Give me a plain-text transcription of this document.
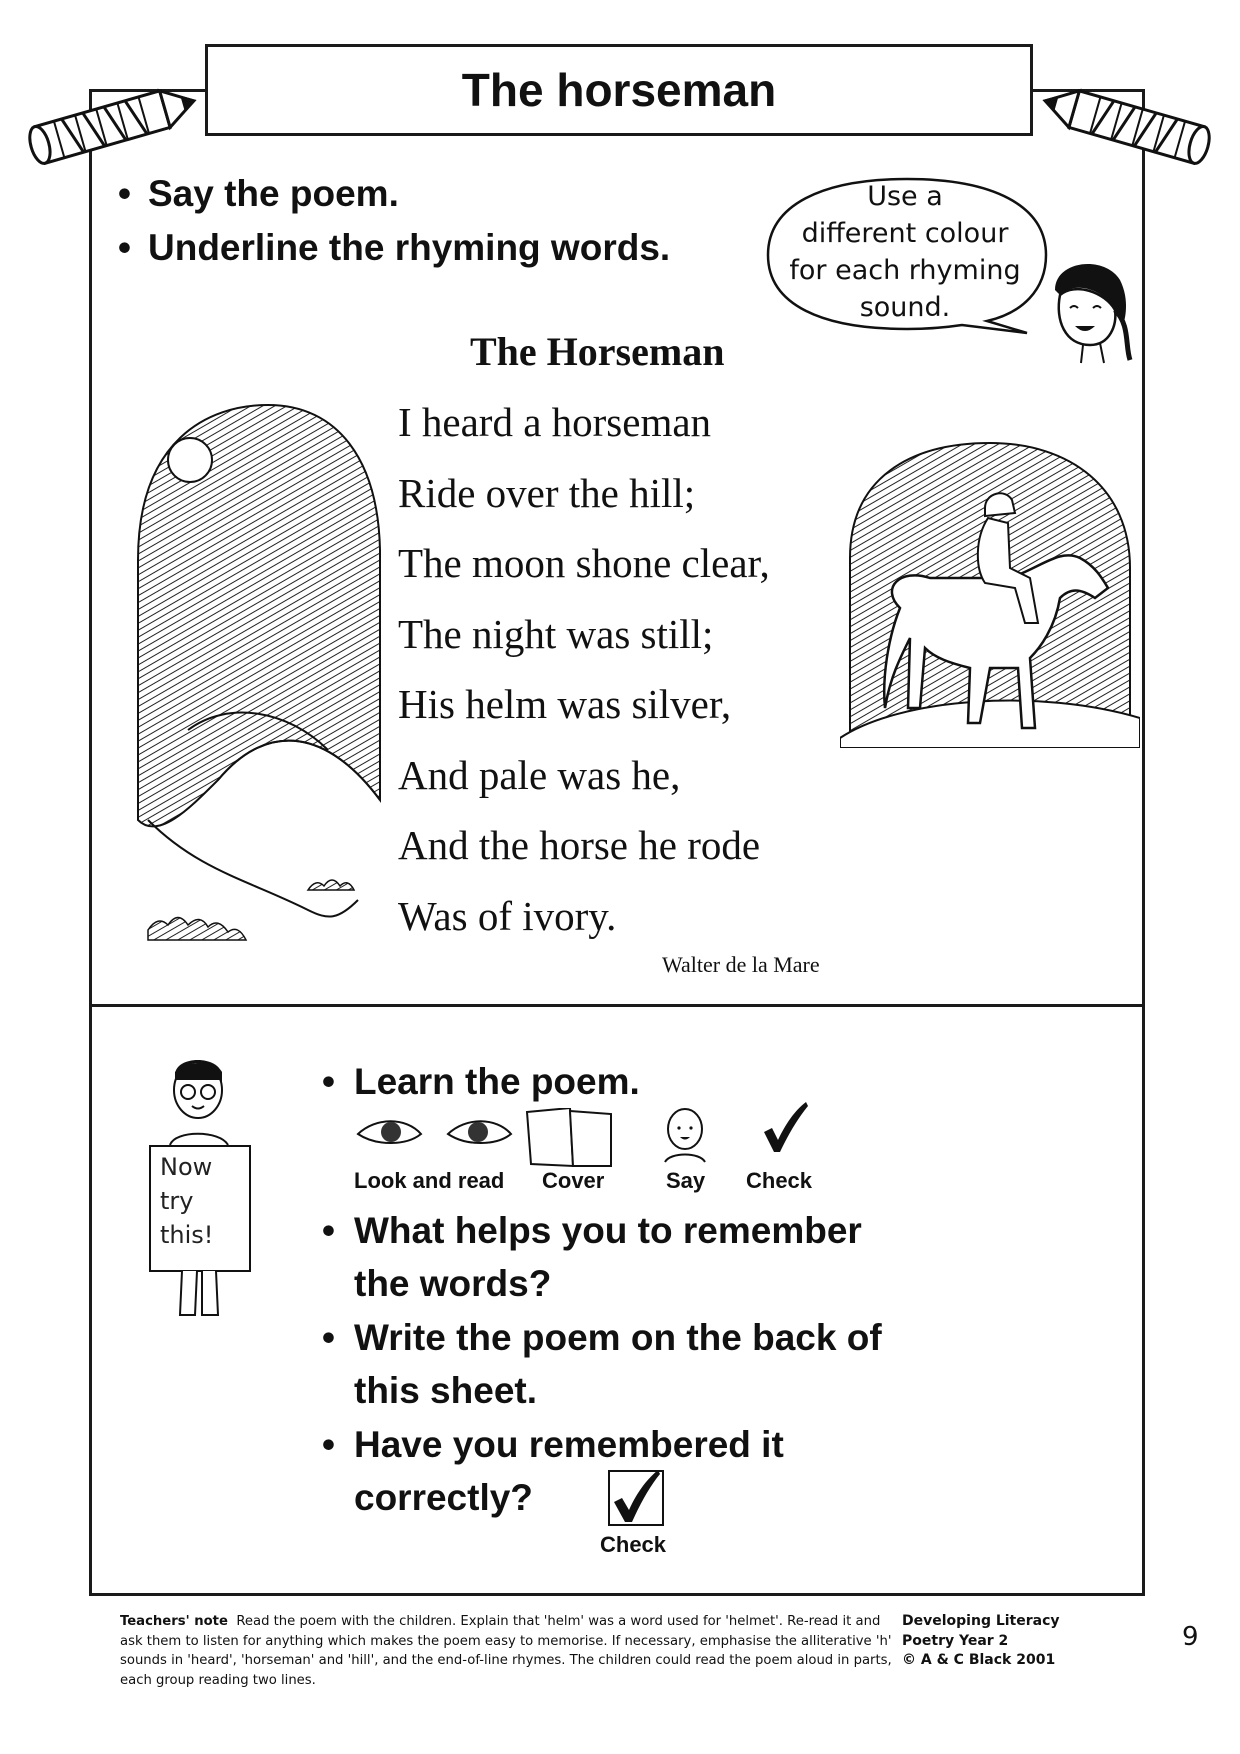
The horseman
• Say the poem.
• Underline the rhyming words.
Use a
different colour
for each rhyming
sound.
The Horseman
I heard a horseman
Ride over the hill;
The moon shone clear,
The night was still;
His helm was silver,
And pale was he,
And the horse he rode
Was of ivory.
Walter de la Mare
Now
try
this!
• Learn the poem.
Look and read Cover	Say Check
• What helps you to remember
the words?
• Write the poem on the back of
this sheet.
• Have you remembered it
correctly?
Check
Teachers' note Read the poem with the children. Explain that 'helm' was a word used for 'helmet'. Re-read it and ask them to listen for anything which makes the poem easy to memorise. If necessary, emphasise the alliterative 'h' sounds in 'heard', 'horseman' and 'hill', and the end-of-line rhymes. The children could read the poem aloud in parts, each group reading two lines.
Developing Literacy
Poetry Year 2
© A & C Black 2001
9
